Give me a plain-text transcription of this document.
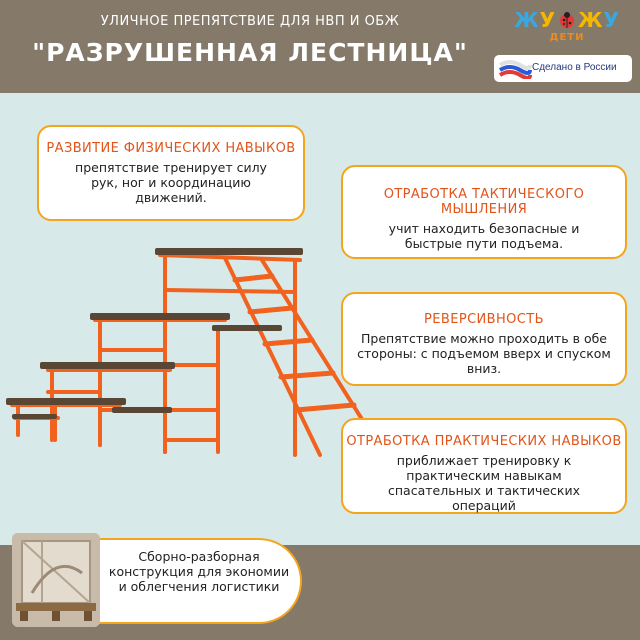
УЛИЧНОЕ ПРЕПЯТСТВИЕ ДЛЯ НВП И ОБЖ
"РАЗРУШЕННАЯ ЛЕСТНИЦА"
ЖУ ЖУ
ДЕТИ
Сделано в России
РАЗВИТИЕ ФИЗИЧЕСКИХ НАВЫКОВ
препятствие тренирует силу рук, ног и координацию движений.	ОТРАБОТКА ТАКТИЧЕСКОГО МЫШЛЕНИЯ
учит находить безопасные и быстрые пути подъема.
РЕВЕРСИВНОСТЬ
Препятствие можно проходить в обе стороны: с подъемом вверх и спуском вниз.
ОТРАБОТКА ПРАКТИЧЕСКИХ НАВЫКОВ
приближает тренировку к практическим навыкам спасательных и тактических операций
Сборно-разборная конструкция для экономии и облегчения логистики
